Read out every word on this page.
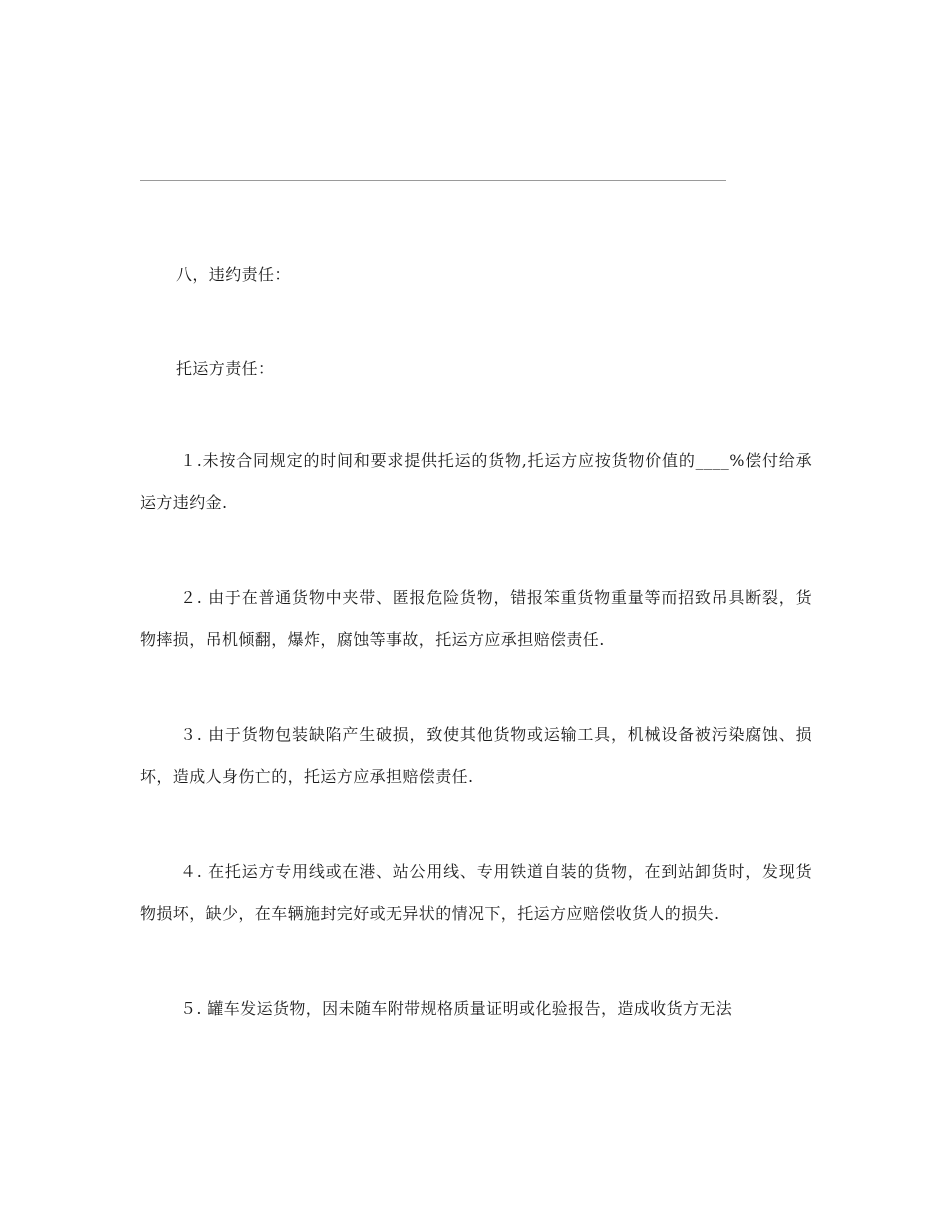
八，违约责任：

托运方责任：

１.未按合同规定的时间和要求提供托运的货物,托运方应按货物价值的____%偿付给承运方违约金.

２. 由于在普通货物中夹带、匿报危险货物，错报笨重货物重量等而招致吊具断裂，货物摔损，吊机倾翻，爆炸，腐蚀等事故，托运方应承担赔偿责任.

３. 由于货物包装缺陷产生破损，致使其他货物或运输工具，机械设备被污染腐蚀、损坏，造成人身伤亡的，托运方应承担赔偿责任.

４. 在托运方专用线或在港、站公用线、专用铁道自装的货物，在到站卸货时，发现货物损坏，缺少，在车辆施封完好或无异状的情况下，托运方应赔偿收货人的损失.

５. 罐车发运货物，因未随车附带规格质量证明或化验报告，造成收货方无法
